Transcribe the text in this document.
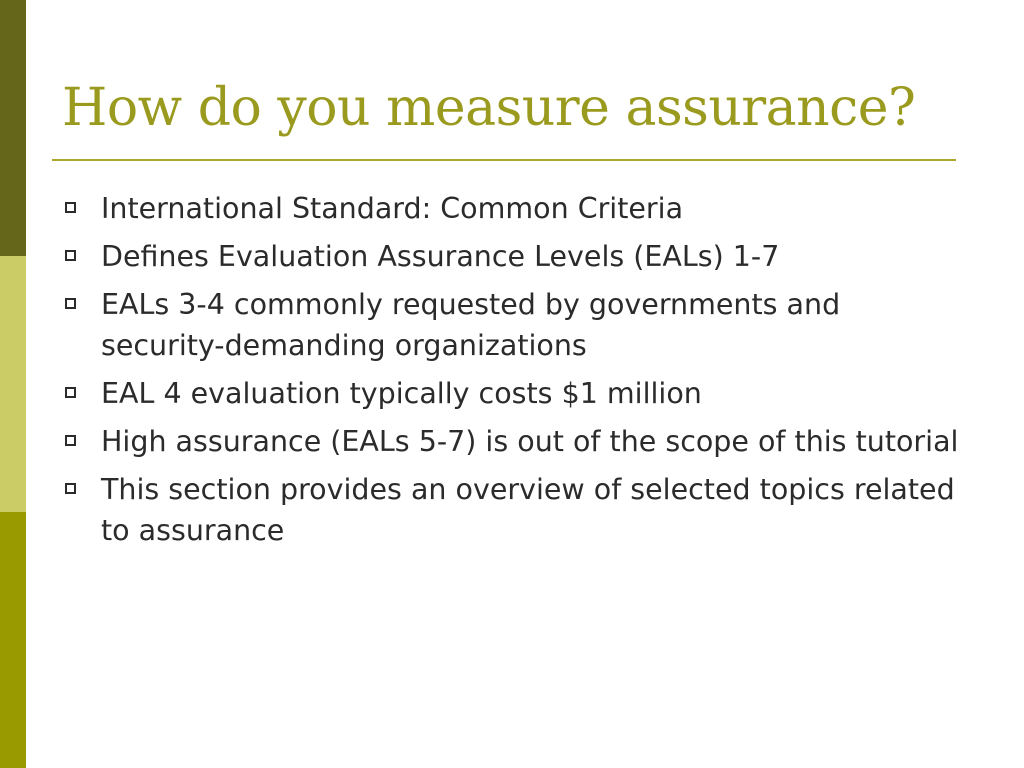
How do you measure assurance?
International Standard: Common Criteria
Defines Evaluation Assurance Levels (EALs) 1-7
EALs 3-4 commonly requested by governments and security-demanding organizations
EAL 4 evaluation typically costs $1 million
High assurance (EALs 5-7) is out of the scope of this tutorial
This section provides an overview of selected topics related to assurance
